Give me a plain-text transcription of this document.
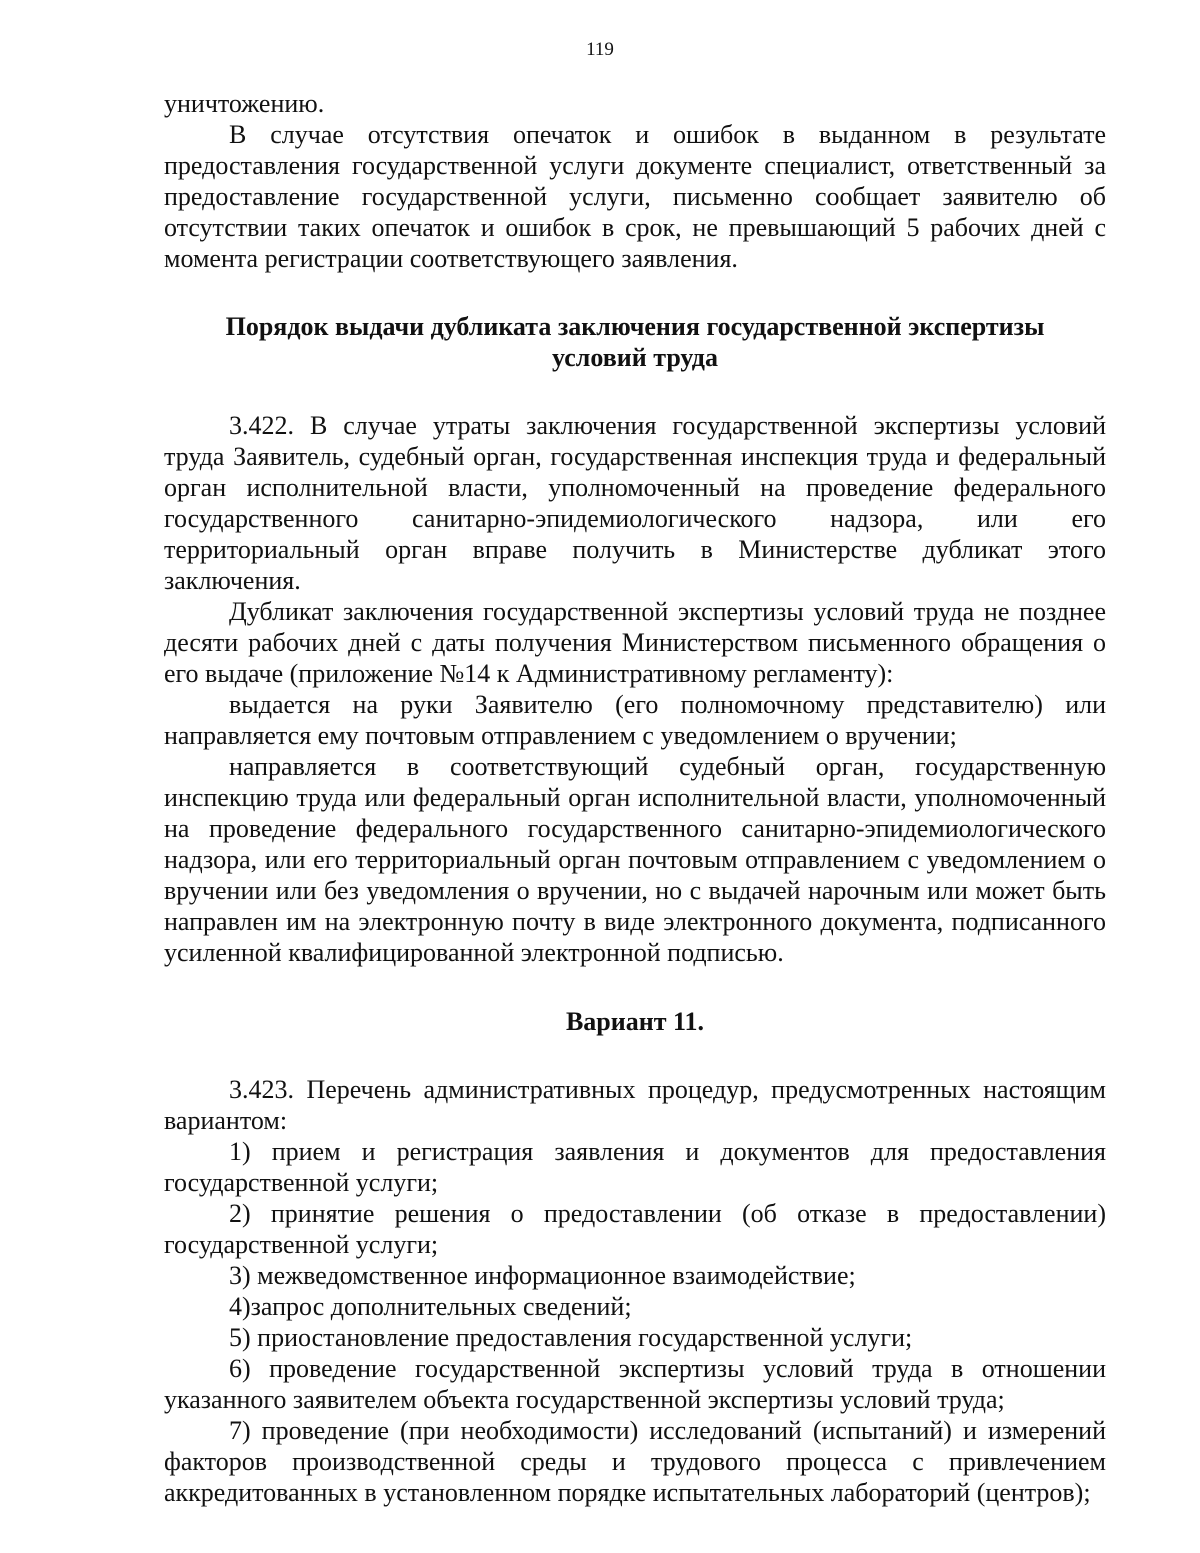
119

уничтожению.

В случае отсутствия опечаток и ошибок в выданном в результате предоставления государственной услуги документе специалист, ответственный за предоставление государственной услуги, письменно сообщает заявителю об отсутствии таких опечаток и ошибок в срок, не превышающий 5 рабочих дней с момента регистрации соответствующего заявления.

Порядок выдачи дубликата заключения государственной экспертизы
условий труда

3.422. В случае утраты заключения государственной экспертизы условий труда Заявитель, судебный орган, государственная инспекция труда и федеральный орган исполнительной власти, уполномоченный на проведение федерального государственного санитарно-эпидемиологического надзора, или его территориальный орган вправе получить в Министерстве дубликат этого заключения.

Дубликат заключения государственной экспертизы условий труда не позднее десяти рабочих дней с даты получения Министерством письменного обращения о его выдаче (приложение №14 к Административному регламенту):

выдается на руки Заявителю (его полномочному представителю) или направляется ему почтовым отправлением с уведомлением о вручении;

направляется в соответствующий судебный орган, государственную инспекцию труда или федеральный орган исполнительной власти, уполномоченный на проведение федерального государственного санитарно-эпидемиологического надзора, или его территориальный орган почтовым отправлением с уведомлением о вручении или без уведомления о вручении, но с выдачей нарочным или может быть направлен им на электронную почту в виде электронного документа, подписанного усиленной квалифицированной электронной подписью.

Вариант 11.

3.423. Перечень административных процедур, предусмотренных настоящим вариантом:

1) прием и регистрация заявления и документов для предоставления государственной услуги;

2) принятие решения о предоставлении (об отказе в предоставлении) государственной услуги;

3) межведомственное информационное взаимодействие;

4)запрос дополнительных сведений;

5) приостановление предоставления государственной услуги;

6) проведение государственной экспертизы условий труда в отношении указанного заявителем объекта государственной экспертизы условий труда;

7) проведение (при необходимости) исследований (испытаний) и измерений факторов производственной среды и трудового процесса с привлечением аккредитованных в установленном порядке испытательных лабораторий (центров);
